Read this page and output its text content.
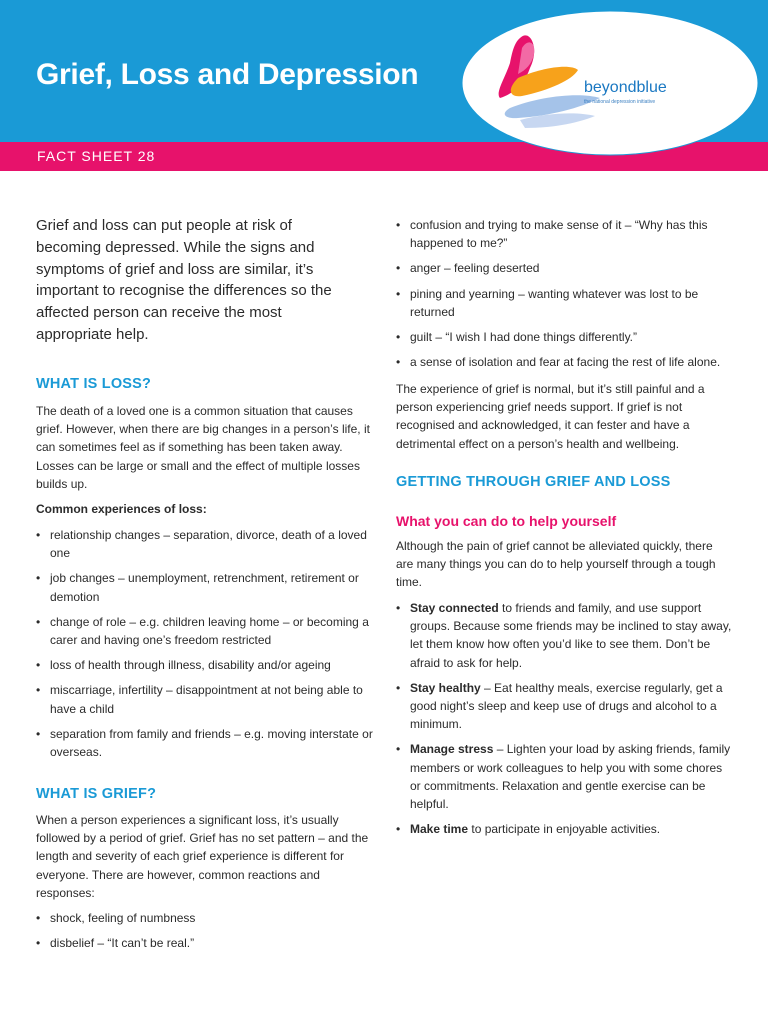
Grief, Loss and Depression
FACT SHEET 28
beyondblue
the national depression initiative

Grief and loss can put people at risk of becoming depressed. While the signs and symptoms of grief and loss are similar, it’s important to recognise the differences so the affected person can receive the most appropriate help.

WHAT IS LOSS?

The death of a loved one is a common situation that causes grief. However, when there are big changes in a person’s life, it can sometimes feel as if something has been taken away. Losses can be large or small and the effect of multiple losses builds up.

Common experiences of loss:

• relationship changes – separation, divorce, death of a loved one
• job changes – unemployment, retrenchment, retirement or demotion
• change of role – e.g. children leaving home – or becoming a carer and having one’s freedom restricted
• loss of health through illness, disability and/or ageing
• miscarriage, infertility – disappointment at not being able to have a child
• separation from family and friends – e.g. moving interstate or overseas.
WHAT IS GRIEF?

When a person experiences a significant loss, it’s usually followed by a period of grief. Grief has no set pattern – and the length and severity of each grief experience is different for everyone. There are however, common reactions and responses:

• shock, feeling of numbness
• disbelief – “It can’t be real.”
• confusion and trying to make sense of it – “Why has this happened to me?”
• anger – feeling deserted
• pining and yearning – wanting whatever was lost to be returned
• guilt – “I wish I had done things differently.”
• a sense of isolation and fear at facing the rest of life alone.

The experience of grief is normal, but it’s still painful and a person experiencing grief needs support. If grief is not recognised and acknowledged, it can fester and have a detrimental effect on a person’s health and wellbeing.

GETTING THROUGH GRIEF AND LOSS
What you can do to help yourself

Although the pain of grief cannot be alleviated quickly, there are many things you can do to help yourself through a tough time.

• Stay connected to friends and family, and use support groups. Because some friends may be inclined to stay away, let them know how often you’d like to see them. Don’t be afraid to ask for help.
• Stay healthy – Eat healthy meals, exercise regularly, get a good night’s sleep and keep use of drugs and alcohol to a minimum.
• Manage stress – Lighten your load by asking friends, family members or work colleagues to help you with some chores or commitments. Relaxation and gentle exercise can be helpful.
• Make time to participate in enjoyable activities.
